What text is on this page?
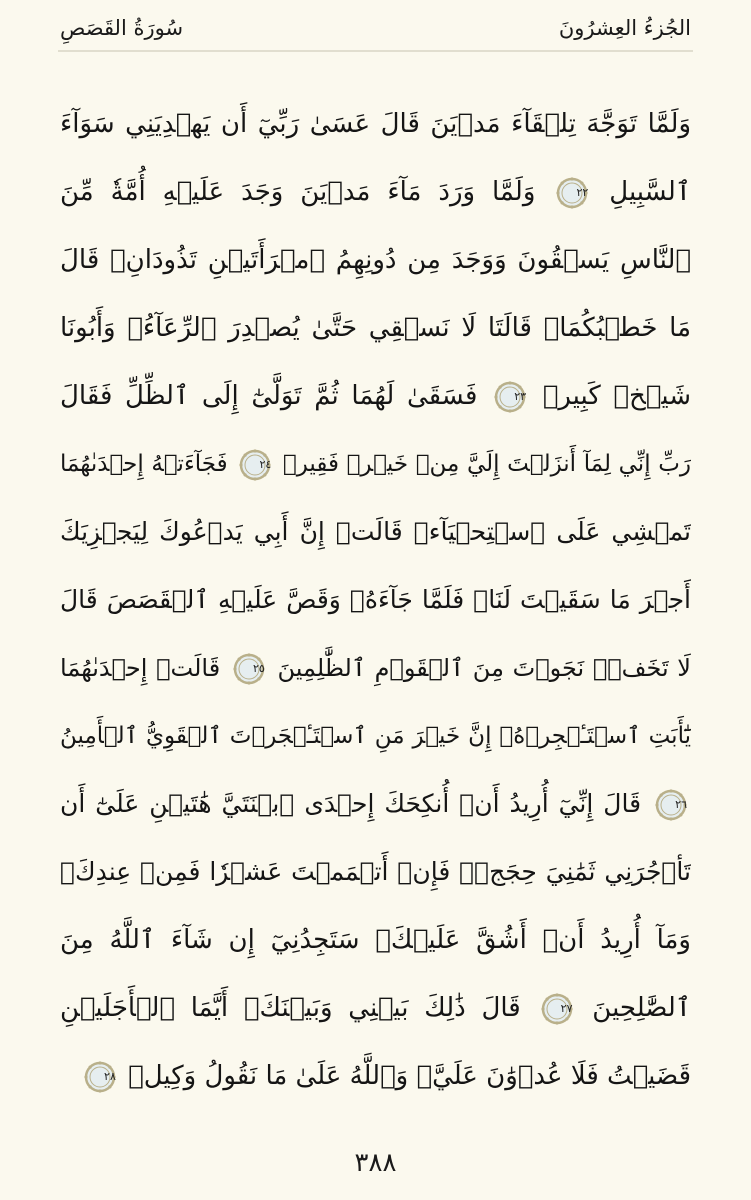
الجُزءُ العِشرُونَ
سُورَةُ القَصَصِ
وَلَمَّا تَوَجَّهَ تِلۡقَآءَ مَدۡيَنَ قَالَ عَسَىٰ رَبِّيٓ أَن يَهۡدِيَنِي سَوَآءَ
ٱلسَّبِيلِ
٢٢
وَلَمَّا وَرَدَ مَآءَ مَدۡيَنَ وَجَدَ عَلَيۡهِ أُمَّةٗ مِّنَ
ٱلنَّاسِ يَسۡقُونَ وَوَجَدَ مِن دُونِهِمُ ٱمۡرَأَتَيۡنِ تَذُودَانِۖ قَالَ
مَا خَطۡبُكُمَاۖ قَالَتَا لَا نَسۡقِي حَتَّىٰ يُصۡدِرَ ٱلرِّعَآءُۖ وَأَبُونَا
شَيۡخٞ كَبِيرٞ
٢٣
فَسَقَىٰ لَهُمَا ثُمَّ تَوَلَّىٰٓ إِلَى ٱلظِّلِّ فَقَالَ
رَبِّ إِنِّي لِمَآ أَنزَلۡتَ إِلَيَّ مِنۡ خَيۡرٖ فَقِيرٞ
٢٤
فَجَآءَتۡهُ إِحۡدَىٰهُمَا
تَمۡشِي عَلَى ٱسۡتِحۡيَآءٖ قَالَتۡ إِنَّ أَبِي يَدۡعُوكَ لِيَجۡزِيَكَ
أَجۡرَ مَا سَقَيۡتَ لَنَاۚ فَلَمَّا جَآءَهُۥ وَقَصَّ عَلَيۡهِ ٱلۡقَصَصَ قَالَ
لَا تَخَفۡۖ نَجَوۡتَ مِنَ ٱلۡقَوۡمِ ٱلظَّٰلِمِينَ
٢٥
قَالَتۡ إِحۡدَىٰهُمَا
يَٰٓأَبَتِ ٱسۡتَـٔۡجِرۡهُۖ إِنَّ خَيۡرَ مَنِ ٱسۡتَـٔۡجَرۡتَ ٱلۡقَوِيُّ ٱلۡأَمِينُ
٢٦
قَالَ إِنِّيٓ أُرِيدُ أَنۡ أُنكِحَكَ إِحۡدَى ٱبۡنَتَيَّ هَٰتَيۡنِ عَلَىٰٓ أَن
تَأۡجُرَنِي ثَمَٰنِيَ حِجَجٖۖ فَإِنۡ أَتۡمَمۡتَ عَشۡرٗا فَمِنۡ عِندِكَۖ
وَمَآ أُرِيدُ أَنۡ أَشُقَّ عَلَيۡكَۚ سَتَجِدُنِيٓ إِن شَآءَ ٱللَّهُ مِنَ
ٱلصَّٰلِحِينَ
٢٧
قَالَ ذَٰلِكَ بَيۡنِي وَبَيۡنَكَۖ أَيَّمَا ٱلۡأَجَلَيۡنِ
قَضَيۡتُ فَلَا عُدۡوَٰنَ عَلَيَّۖ وَٱللَّهُ عَلَىٰ مَا نَقُولُ وَكِيلٞ
٢٨
٣٨٨
